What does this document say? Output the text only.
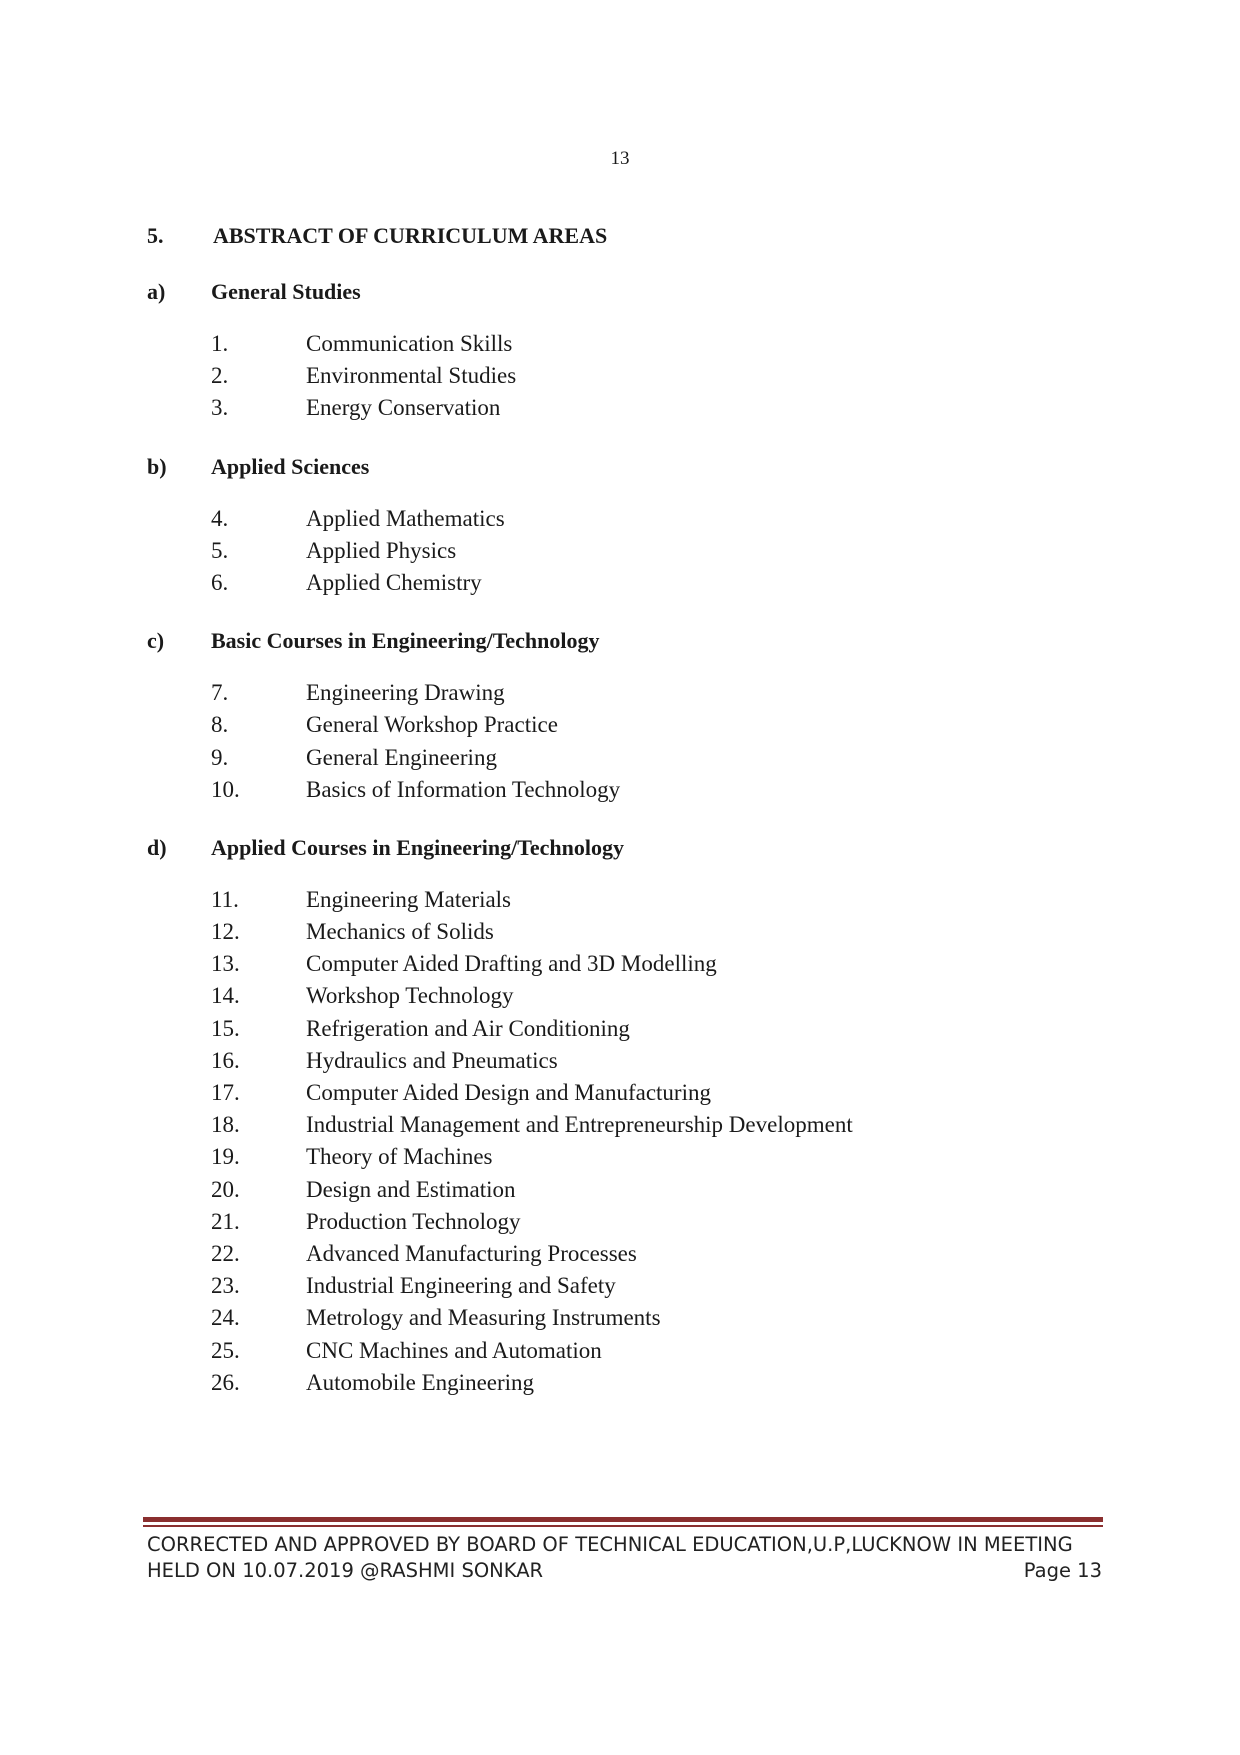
13
5.	ABSTRACT OF CURRICULUM AREAS
a)	General Studies
1.	Communication Skills
2.	Environmental Studies
3.	Energy Conservation
b)	Applied Sciences
4.	Applied Mathematics
5.	Applied Physics
6.	Applied Chemistry
c)	Basic Courses in Engineering/Technology
7.	Engineering Drawing
8.	General Workshop Practice
9.	General Engineering
10.	Basics of Information Technology
d)	Applied Courses in Engineering/Technology
11.	Engineering Materials
12.	Mechanics of Solids
13.	Computer Aided Drafting and 3D Modelling
14.	Workshop Technology
15.	Refrigeration and Air Conditioning
16.	Hydraulics and Pneumatics
17.	Computer Aided Design and Manufacturing
18.	Industrial Management and Entrepreneurship Development
19.	Theory of Machines
20.	Design and Estimation
21.	Production Technology
22.	Advanced Manufacturing Processes
23.	Industrial Engineering and Safety
24.	Metrology and Measuring Instruments
25.	CNC Machines and Automation
26.	Automobile Engineering
CORRECTED AND APPROVED BY BOARD OF TECHNICAL EDUCATION,U.P,LUCKNOW IN MEETING
HELD ON 10.07.2019 @RASHMI SONKAR	Page 13
